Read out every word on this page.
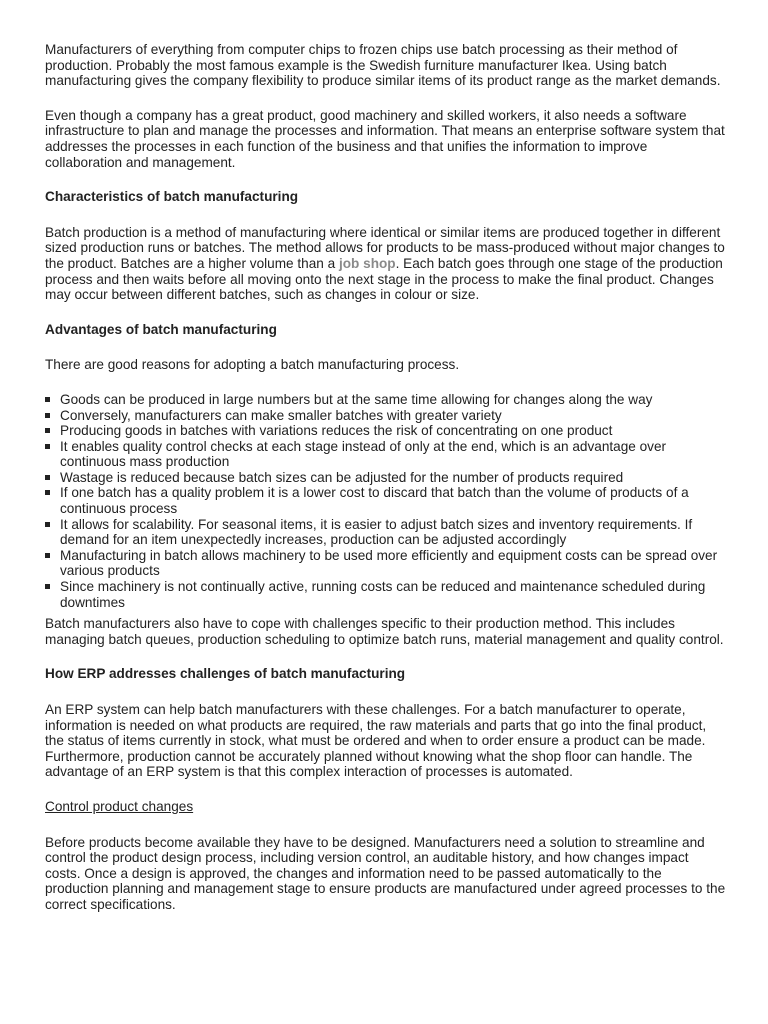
Manufacturers of everything from computer chips to frozen chips use batch processing as their method of production. Probably the most famous example is the Swedish furniture manufacturer Ikea. Using batch manufacturing gives the company flexibility to produce similar items of its product range as the market demands.

Even though a company has a great product, good machinery and skilled workers, it also needs a software infrastructure to plan and manage the processes and information. That means an enterprise software system that addresses the processes in each function of the business and that unifies the information to improve collaboration and management.

Characteristics of batch manufacturing

Batch production is a method of manufacturing where identical or similar items are produced together in different sized production runs or batches. The method allows for products to be mass-produced without major changes to the product. Batches are a higher volume than a job shop. Each batch goes through one stage of the production process and then waits before all moving onto the next stage in the process to make the final product. Changes may occur between different batches, such as changes in colour or size.

Advantages of batch manufacturing

There are good reasons for adopting a batch manufacturing process.

Goods can be produced in large numbers but at the same time allowing for changes along the way
Conversely, manufacturers can make smaller batches with greater variety
Producing goods in batches with variations reduces the risk of concentrating on one product
It enables quality control checks at each stage instead of only at the end, which is an advantage over continuous mass production
Wastage is reduced because batch sizes can be adjusted for the number of products required
If one batch has a quality problem it is a lower cost to discard that batch than the volume of products of a continuous process
It allows for scalability. For seasonal items, it is easier to adjust batch sizes and inventory requirements. If demand for an item unexpectedly increases, production can be adjusted accordingly
Manufacturing in batch allows machinery to be used more efficiently and equipment costs can be spread over various products
Since machinery is not continually active, running costs can be reduced and maintenance scheduled during downtimes

Batch manufacturers also have to cope with challenges specific to their production method. This includes managing batch queues, production scheduling to optimize batch runs, material management and quality control.

How ERP addresses challenges of batch manufacturing

An ERP system can help batch manufacturers with these challenges. For a batch manufacturer to operate, information is needed on what products are required, the raw materials and parts that go into the final product, the status of items currently in stock, what must be ordered and when to order ensure a product can be made. Furthermore, production cannot be accurately planned without knowing what the shop floor can handle. The advantage of an ERP system is that this complex interaction of processes is automated.

Control product changes

Before products become available they have to be designed. Manufacturers need a solution to streamline and control the product design process, including version control, an auditable history, and how changes impact costs. Once a design is approved, the changes and information need to be passed automatically to the production planning and management stage to ensure products are manufactured under agreed processes to the correct specifications.
